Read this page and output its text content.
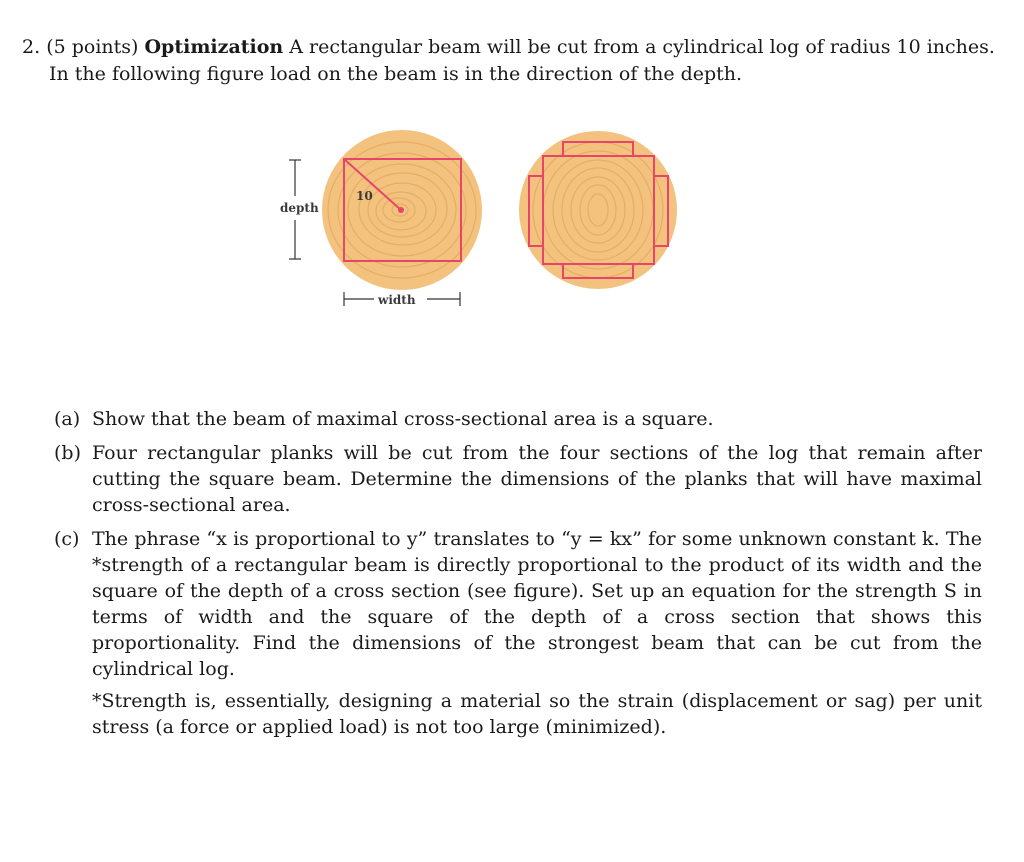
2. (5 points) Optimization A rectangular beam will be cut from a cylindrical log of radius 10 inches.
In the following figure load on the beam is in the direction of the depth.
10
depth
width
(a) Show that the beam of maximal cross-sectional area is a square.
(b) Four rectangular planks will be cut from the four sections of the log that remain after cutting the square beam. Determine the dimensions of the planks that will have maximal cross-sectional area.
(c) The phrase “x is proportional to y” translates to “y = kx” for some unknown constant k. The *strength of a rectangular beam is directly proportional to the product of its width and the square of the depth of a cross section (see figure). Set up an equation for the strength S in terms of width and the square of the depth of a cross section that shows this proportionality. Find the dimensions of the strongest beam that can be cut from the cylindrical log.
*Strength is, essentially, designing a material so the strain (displacement or sag) per unit stress (a force or applied load) is not too large (minimized).
